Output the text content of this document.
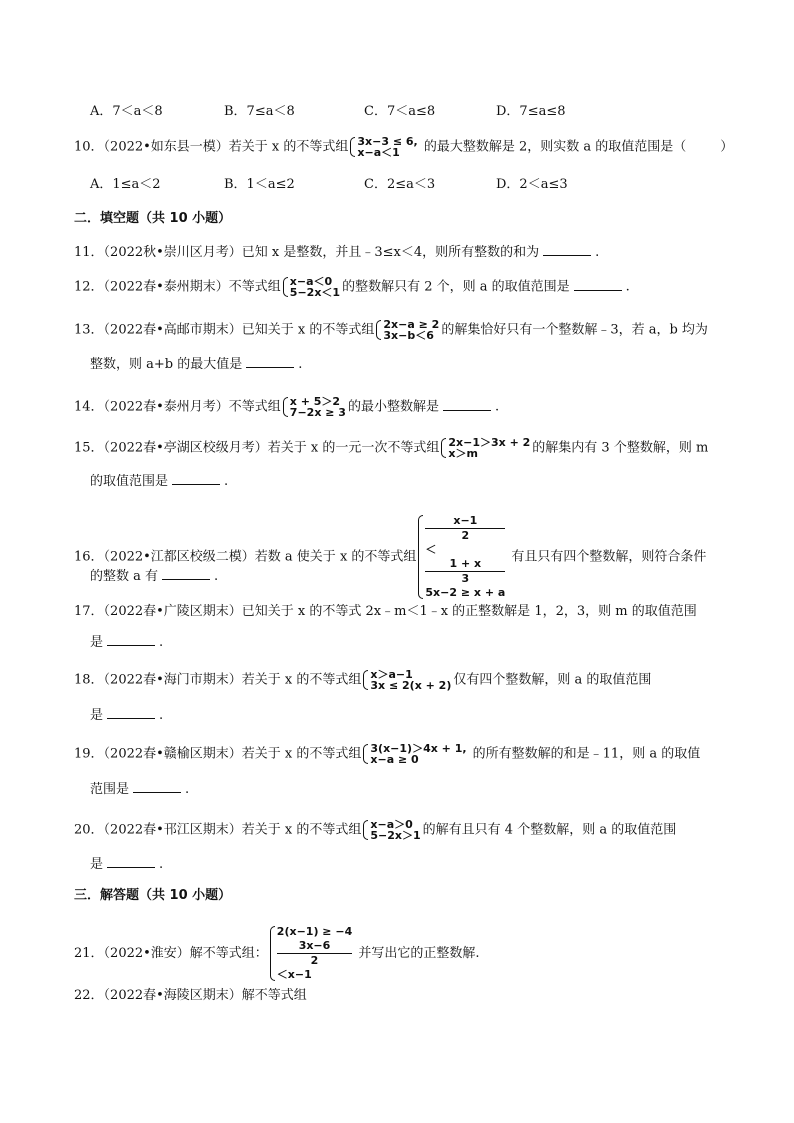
A．7＜a＜8	B．7≤a＜8	C．7＜a≤8	D．7≤a≤8
10．（2022•如东县一模）若关于 x 的不等式组 3x−3 ≤ 6,
x−a＜1	的最大整数解是 2，则实数 a 的取值范围是（	）
A．1≤a＜2	B．1＜a≤2	C．2≤a＜3	D．2＜a≤3
二．填空题（共 10 小题）
11．（2022秋•崇川区月考）已知 x 是整数，并且﹣3≤x＜4，则所有整数的和为	.
12．（2022春•泰州期末）不等式组 x−a＜0
5−2x＜1 的整数解只有 2 个，则 a 的取值范围是	.
13．（2022春•高邮市期末）已知关于 x 的不等式组 2x−a ≥ 2
3x−b＜6 的解集恰好只有一个整数解﹣3，若 a，b 均为
整数，则 a+b 的最大值是	.
14．（2022春•泰州月考）不等式组 x + 5＞2
7−2x ≥ 3 的最小整数解是	.
15．（2022春•亭湖区校级月考）若关于 x 的一元一次不等式组 2x−1＞3x + 2
x＞m	的解集内有 3 个整数解，则 m
的取值范围是	.
16．（2022•江都区校级二模）若数 a 使关于 x 的不等式组
x−1
2
＜
1 + x
3
5x−2 ≥ x + a
有且只有四个整数解，则符合条件
的整数 a 有	.
17．（2022春•广陵区期末）已知关于 x 的不等式 2x﹣m＜1﹣x 的正整数解是 1，2，3，则 m 的取值范围
是	.
18．（2022春•海门市期末）若关于 x 的不等式组 x＞a−1
3x ≤ 2(x + 2) 仅有四个整数解，则 a 的取值范围
是	.
19．（2022春•赣榆区期末）若关于 x 的不等式组 3(x−1)＞4x + 1,
x−a ≥ 0	的所有整数解的和是﹣11，则 a 的取值
范围是	.
20．（2022春•邗江区期末）若关于 x 的不等式组 x−a＞0
5−2x＞1 的解有且只有 4 个整数解，则 a 的取值范围
是	.
三．解答题（共 10 小题）
21．（2022•淮安）解不等式组：
2(x−1) ≥ −4
3x−6
2
＜x−1
并写出它的正整数解.
22．（2022春•海陵区期末）解不等式组
